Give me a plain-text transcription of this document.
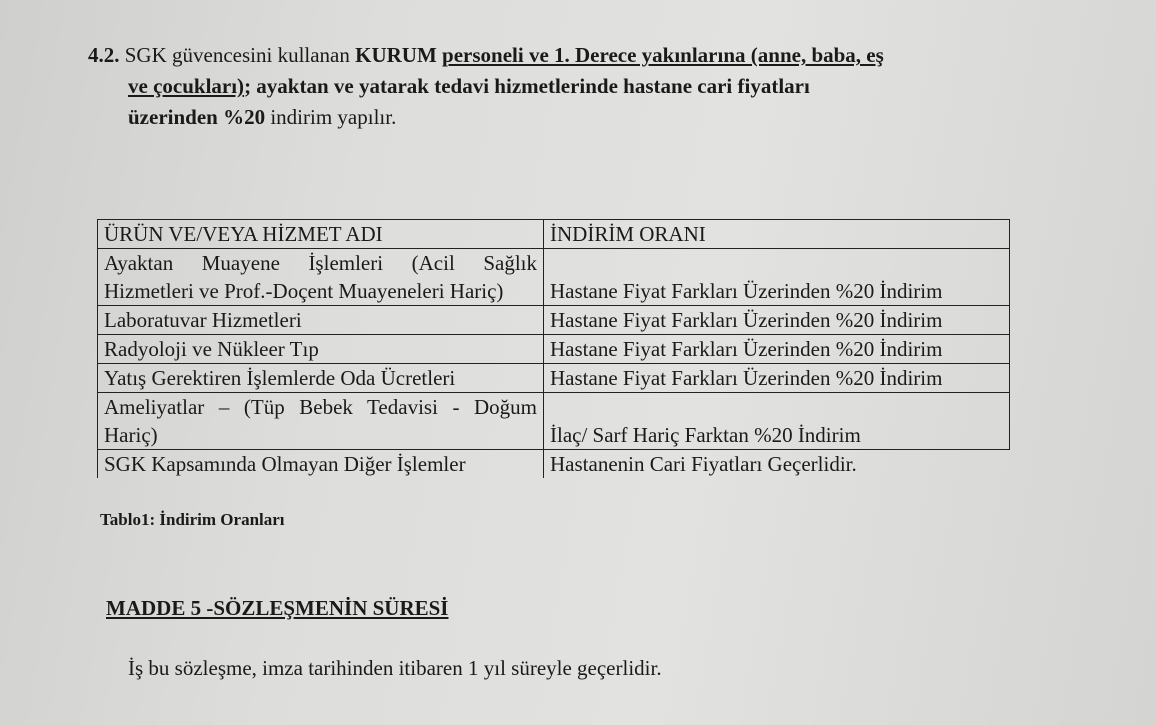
4.2. SGK güvencesini kullanan KURUM personeli ve 1. Derece yakınlarına (anne, baba, eş
ve çocukları); ayaktan ve yatarak tedavi hizmetlerinde hastane cari fiyatları
üzerinden %20 indirim yapılır.
ÜRÜN VE/VEYA HİZMET ADI	İNDİRİM ORANI
Ayaktan Muayene İşlemleri (Acil Sağlık Hizmetleri ve Prof.-Doçent Muayeneleri Hariç)	Hastane Fiyat Farkları Üzerinden %20 İndirim
Laboratuvar Hizmetleri	Hastane Fiyat Farkları Üzerinden %20 İndirim
Radyoloji ve Nükleer Tıp	Hastane Fiyat Farkları Üzerinden %20 İndirim
Yatış Gerektiren İşlemlerde Oda Ücretleri	Hastane Fiyat Farkları Üzerinden %20 İndirim
Ameliyatlar – (Tüp Bebek Tedavisi - Doğum Hariç)	İlaç/ Sarf Hariç Farktan %20 İndirim
SGK Kapsamında Olmayan Diğer İşlemler	Hastanenin Cari Fiyatları Geçerlidir.
Tablo1: İndirim Oranları
MADDE 5 -SÖZLEŞMENİN SÜRESİ
İş bu sözleşme, imza tarihinden itibaren 1 yıl süreyle geçerlidir.
